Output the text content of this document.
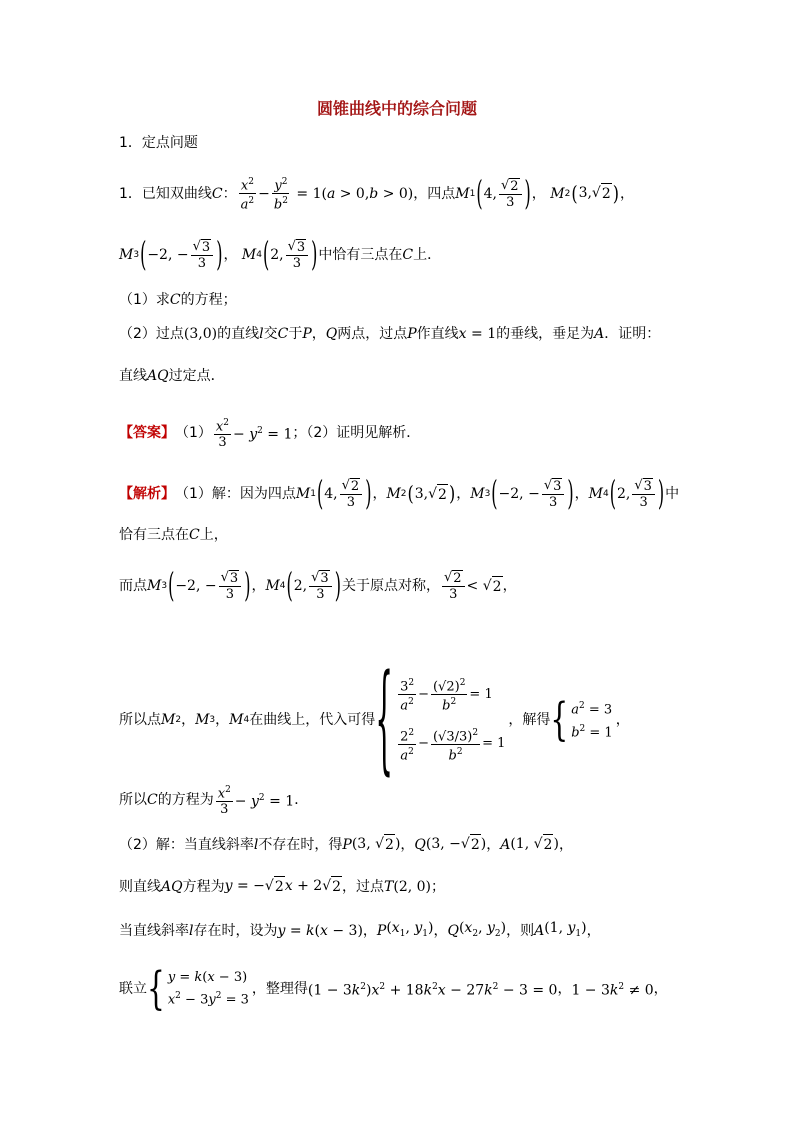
圆锥曲线中的综合问题
1．定点问题
1．已知双曲线 C ： $\frac{x^2}{a^2} - \frac{y^2}{b^2} = 1(a > 0,b > 0)$ ，四点 M 1 ( 4, $\frac{√ 2}{3}$ ) ， M 2 ( 3,√ 2 ) ，
M 3 ( −2, − $\frac{√ 3}{3}$ ) ， M 4 ( 2, $\frac{√ 3}{3}$ ) 中恰有三点在 C 上．
（1）求 C 的方程；
（2）过点 (3,0) 的直线 l 交 C 于 P ， Q 两点，过点 P 作直线 x = 1 的垂线，垂足为 A ．证明：
直线 AQ 过定点．
【答案】 $(1) \frac{x^2}{3} - y^2 = 1$ ；（2）证明见解析．
【解析】 （1）解：因为四点 M 1 ( 4, $\frac{√ 2}{3}$ ) ， M 2 ( 3,√ 2 ) ， M 3 ( −2, − $\frac{√ 3}{3}$ ) ， M 4 ( 2, $\frac{√ 3}{3}$ ) 中
恰有三点在 C 上，
而点 M 3 ( −2, − $\frac{√ 3}{3}$ ) ， M 4 ( 2, $\frac{√ 3}{3}$ ) 关于原点对称， $\frac{√ 2}{3}$ < √ 2 ，
所以点 M 2 ， M 3 ， M 4 在曲线上，代入可得 { $\frac{3^2}{a^2} - \frac{(√2)^2}{b^2} = 1$
$\frac{2^2}{a^2} - \frac{(√3/3)^2}{b^2} = 1$
，解得 { $a^2 = 3$
$b^2 = 1$
，
所以 C 的方程为 $\frac{x^2}{3} - y^2 = 1$ ．
（2）解：当直线斜率 l 不存在时，得 P (3, √ 2 ) ， Q (3, −√ 2 ) ， A (1, √ 2 ) ，
则直线 AQ 方程为 y = −√ 2 x + 2√ 2 ，过点 T (2, 0) ；
当直线斜率 l 存在时，设为 y = k(x − 3) ， P ($x_1$, $y_1$) ， Q ($x_2$, $y_2$) ，则 A (1, $y_1$) ，
联立 { y = k(x − 3)
$x^2 - 3y^2 = 3$
，整理得 $(1 - 3k^2)x^2 + 18k^2x - 27k^2 - 3 = 0$ ， $1 - 3k^2 \ne 0$ ，
